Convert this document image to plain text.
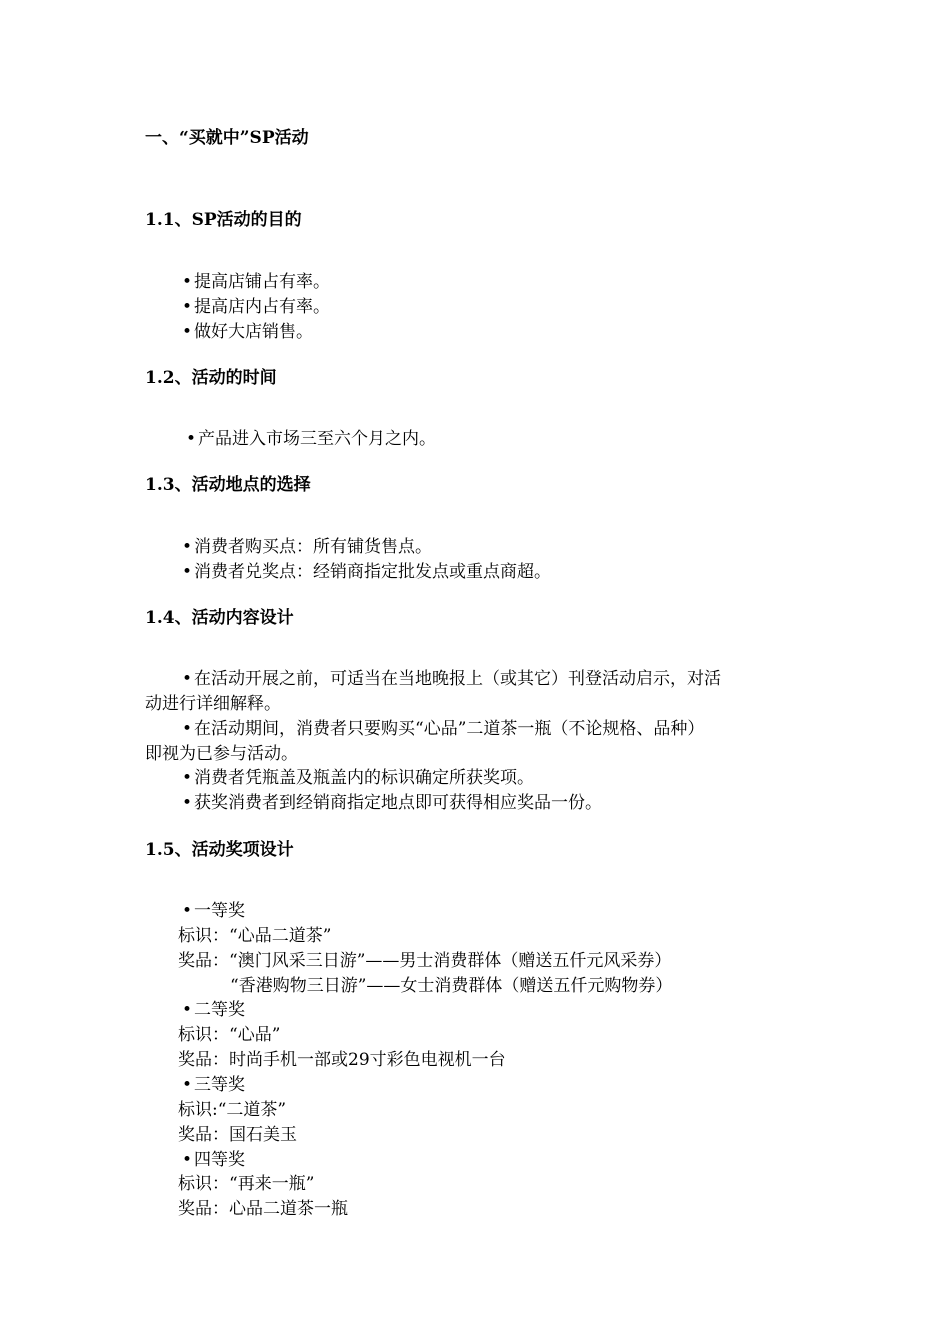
一、“买就中”SP活动
1.1、SP活动的目的
• 提高店铺占有率。
• 提高店内占有率。
• 做好大店销售。
1.2、活动的时间
• 产品进入市场三至六个月之内。
1.3、活动地点的选择
• 消费者购买点：所有铺货售点。
• 消费者兑奖点：经销商指定批发点或重点商超。
1.4、活动内容设计
• 在活动开展之前，可适当在当地晚报上（或其它）刊登活动启示，对活
动进行详细解释。
• 在活动期间，消费者只要购买“心品”二道茶一瓶（不论规格、品种）
即视为已参与活动。
• 消费者凭瓶盖及瓶盖内的标识确定所获奖项。
• 获奖消费者到经销商指定地点即可获得相应奖品一份。
1.5、活动奖项设计
• 一等奖
标识：“心品二道茶”
奖品：“澳门风采三日游”——男士消费群体（赠送五仟元风采券）
“香港购物三日游”——女士消费群体（赠送五仟元购物券）
• 二等奖
标识：“心品”
奖品：时尚手机一部或29寸彩色电视机一台
• 三等奖
标识:“二道茶”
奖品：国石美玉
• 四等奖
标识：“再来一瓶”
奖品：心品二道茶一瓶
